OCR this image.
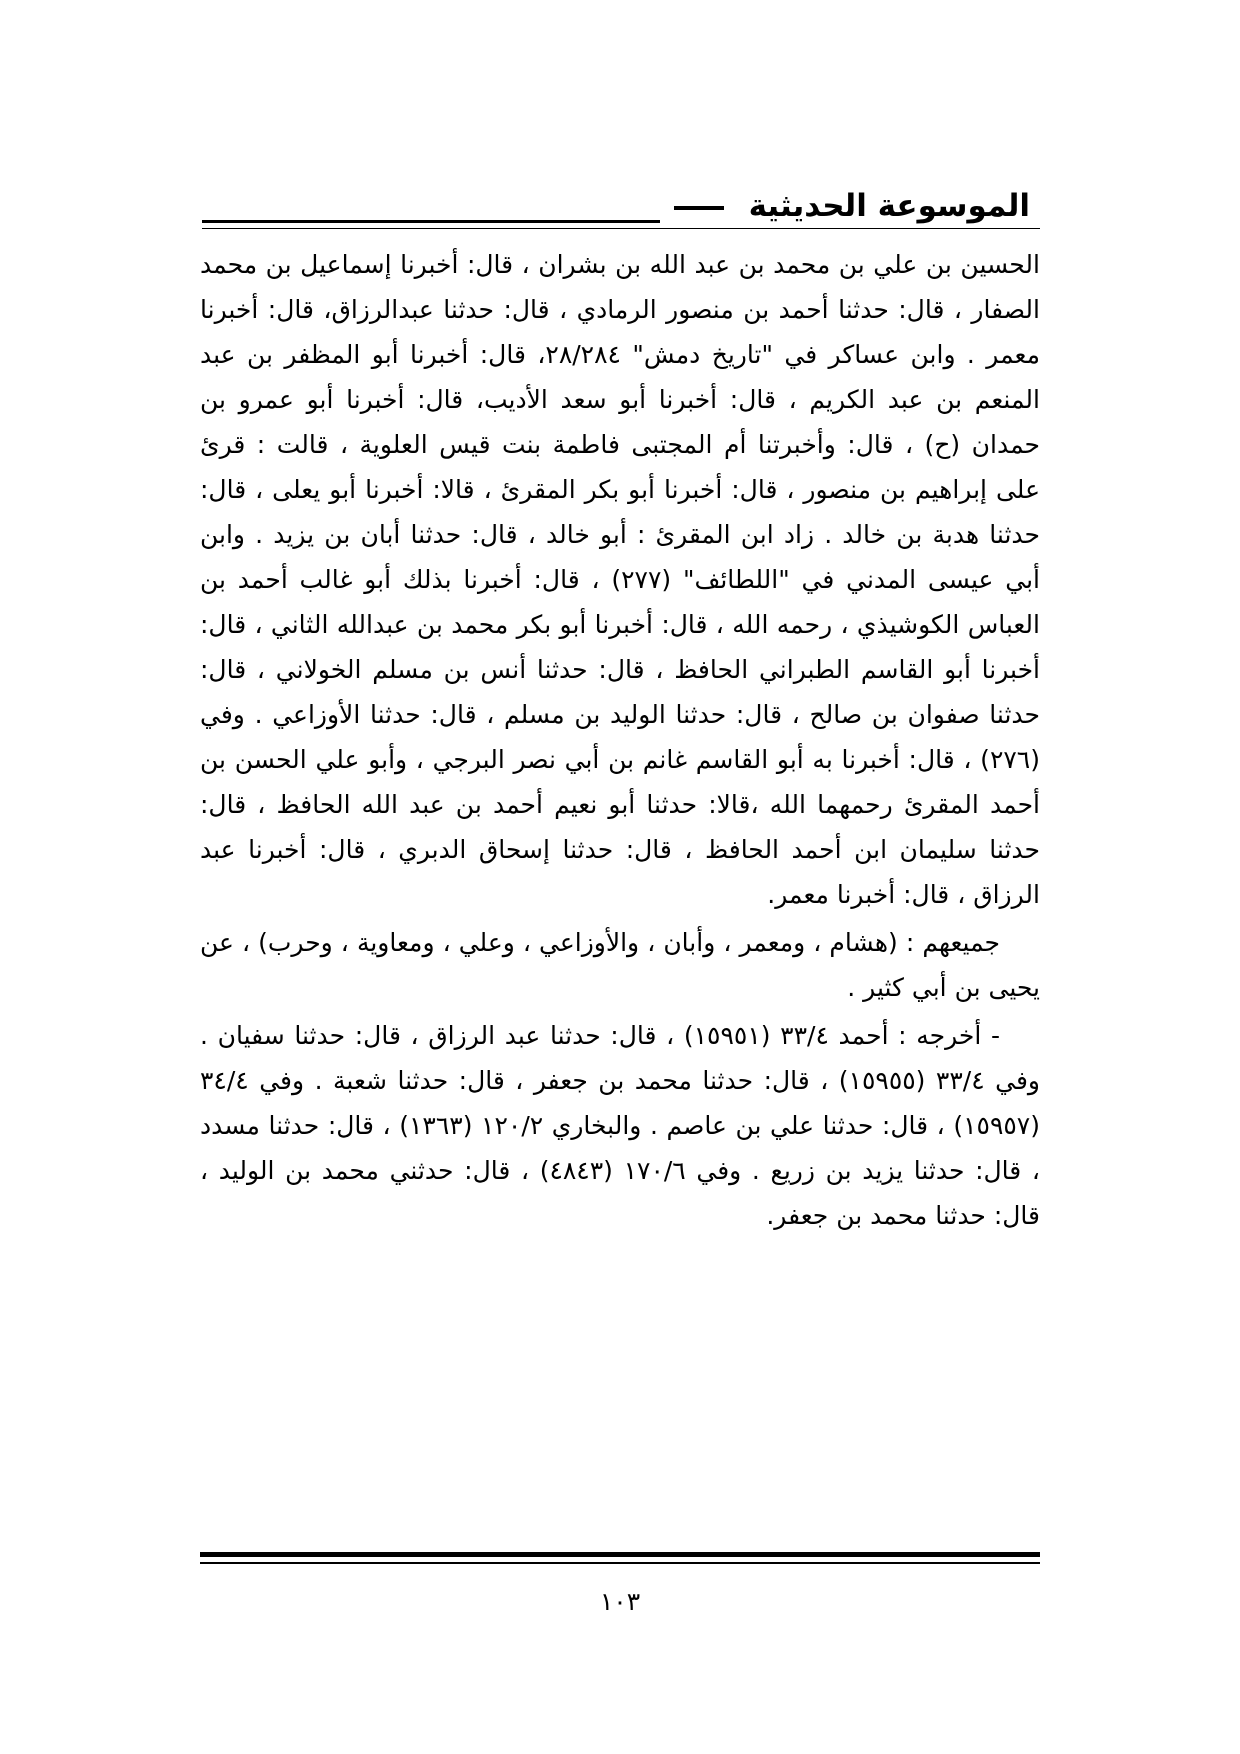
الموسوعة الحديثية

الحسين بن علي بن محمد بن عبد الله بن بشران ، قال: أخبرنا إسماعيل بن محمد الصفار ، قال: حدثنا أحمد بن منصور الرمادي ، قال: حدثنا عبدالرزاق، قال: أخبرنا معمر . وابن عساكر في "تاريخ دمش" ٢٨/٢٨٤، قال: أخبرنا أبو المظفر بن عبد المنعم بن عبد الكريم ، قال: أخبرنا أبو سعد الأديب، قال: أخبرنا أبو عمرو بن حمدان (ح) ، قال: وأخبرتنا أم المجتبى فاطمة بنت قيس العلوية ، قالت : قرئ على إبراهيم بن منصور ، قال: أخبرنا أبو بكر المقرئ ، قالا: أخبرنا أبو يعلى ، قال: حدثنا هدبة بن خالد . زاد ابن المقرئ : أبو خالد ، قال: حدثنا أبان بن يزيد . وابن أبي عيسى المدني في "اللطائف" (٢٧٧) ، قال: أخبرنا بذلك أبو غالب أحمد بن العباس الكوشيذي ، رحمه الله ، قال: أخبرنا أبو بكر محمد بن عبدالله الثاني ، قال: أخبرنا أبو القاسم الطبراني الحافظ ، قال: حدثنا أنس بن مسلم الخولاني ، قال: حدثنا صفوان بن صالح ، قال: حدثنا الوليد بن مسلم ، قال: حدثنا الأوزاعي . وفي (٢٧٦) ، قال: أخبرنا به أبو القاسم غانم بن أبي نصر البرجي ، وأبو علي الحسن بن أحمد المقرئ رحمهما الله ،قالا: حدثنا أبو نعيم أحمد بن عبد الله الحافظ ، قال: حدثنا سليمان ابن أحمد الحافظ ، قال: حدثنا إسحاق الدبري ، قال: أخبرنا عبد الرزاق ، قال: أخبرنا معمر.

جميعهم : (هشام ، ومعمر ، وأبان ، والأوزاعي ، وعلي ، ومعاوية ، وحرب) ، عن يحيى بن أبي كثير .

- أخرجه : أحمد ٣٣/٤ (١٥٩٥١) ، قال: حدثنا عبد الرزاق ، قال: حدثنا سفيان . وفي ٣٣/٤ (١٥٩٥٥) ، قال: حدثنا محمد بن جعفر ، قال: حدثنا شعبة . وفي ٣٤/٤ (١٥٩٥٧) ، قال: حدثنا علي بن عاصم . والبخاري ١٢٠/٢ (١٣٦٣) ، قال: حدثنا مسدد ، قال: حدثنا يزيد بن زريع . وفي ١٧٠/٦ (٤٨٤٣) ، قال: حدثني محمد بن الوليد ، قال: حدثنا محمد بن جعفر.

١٠٣
